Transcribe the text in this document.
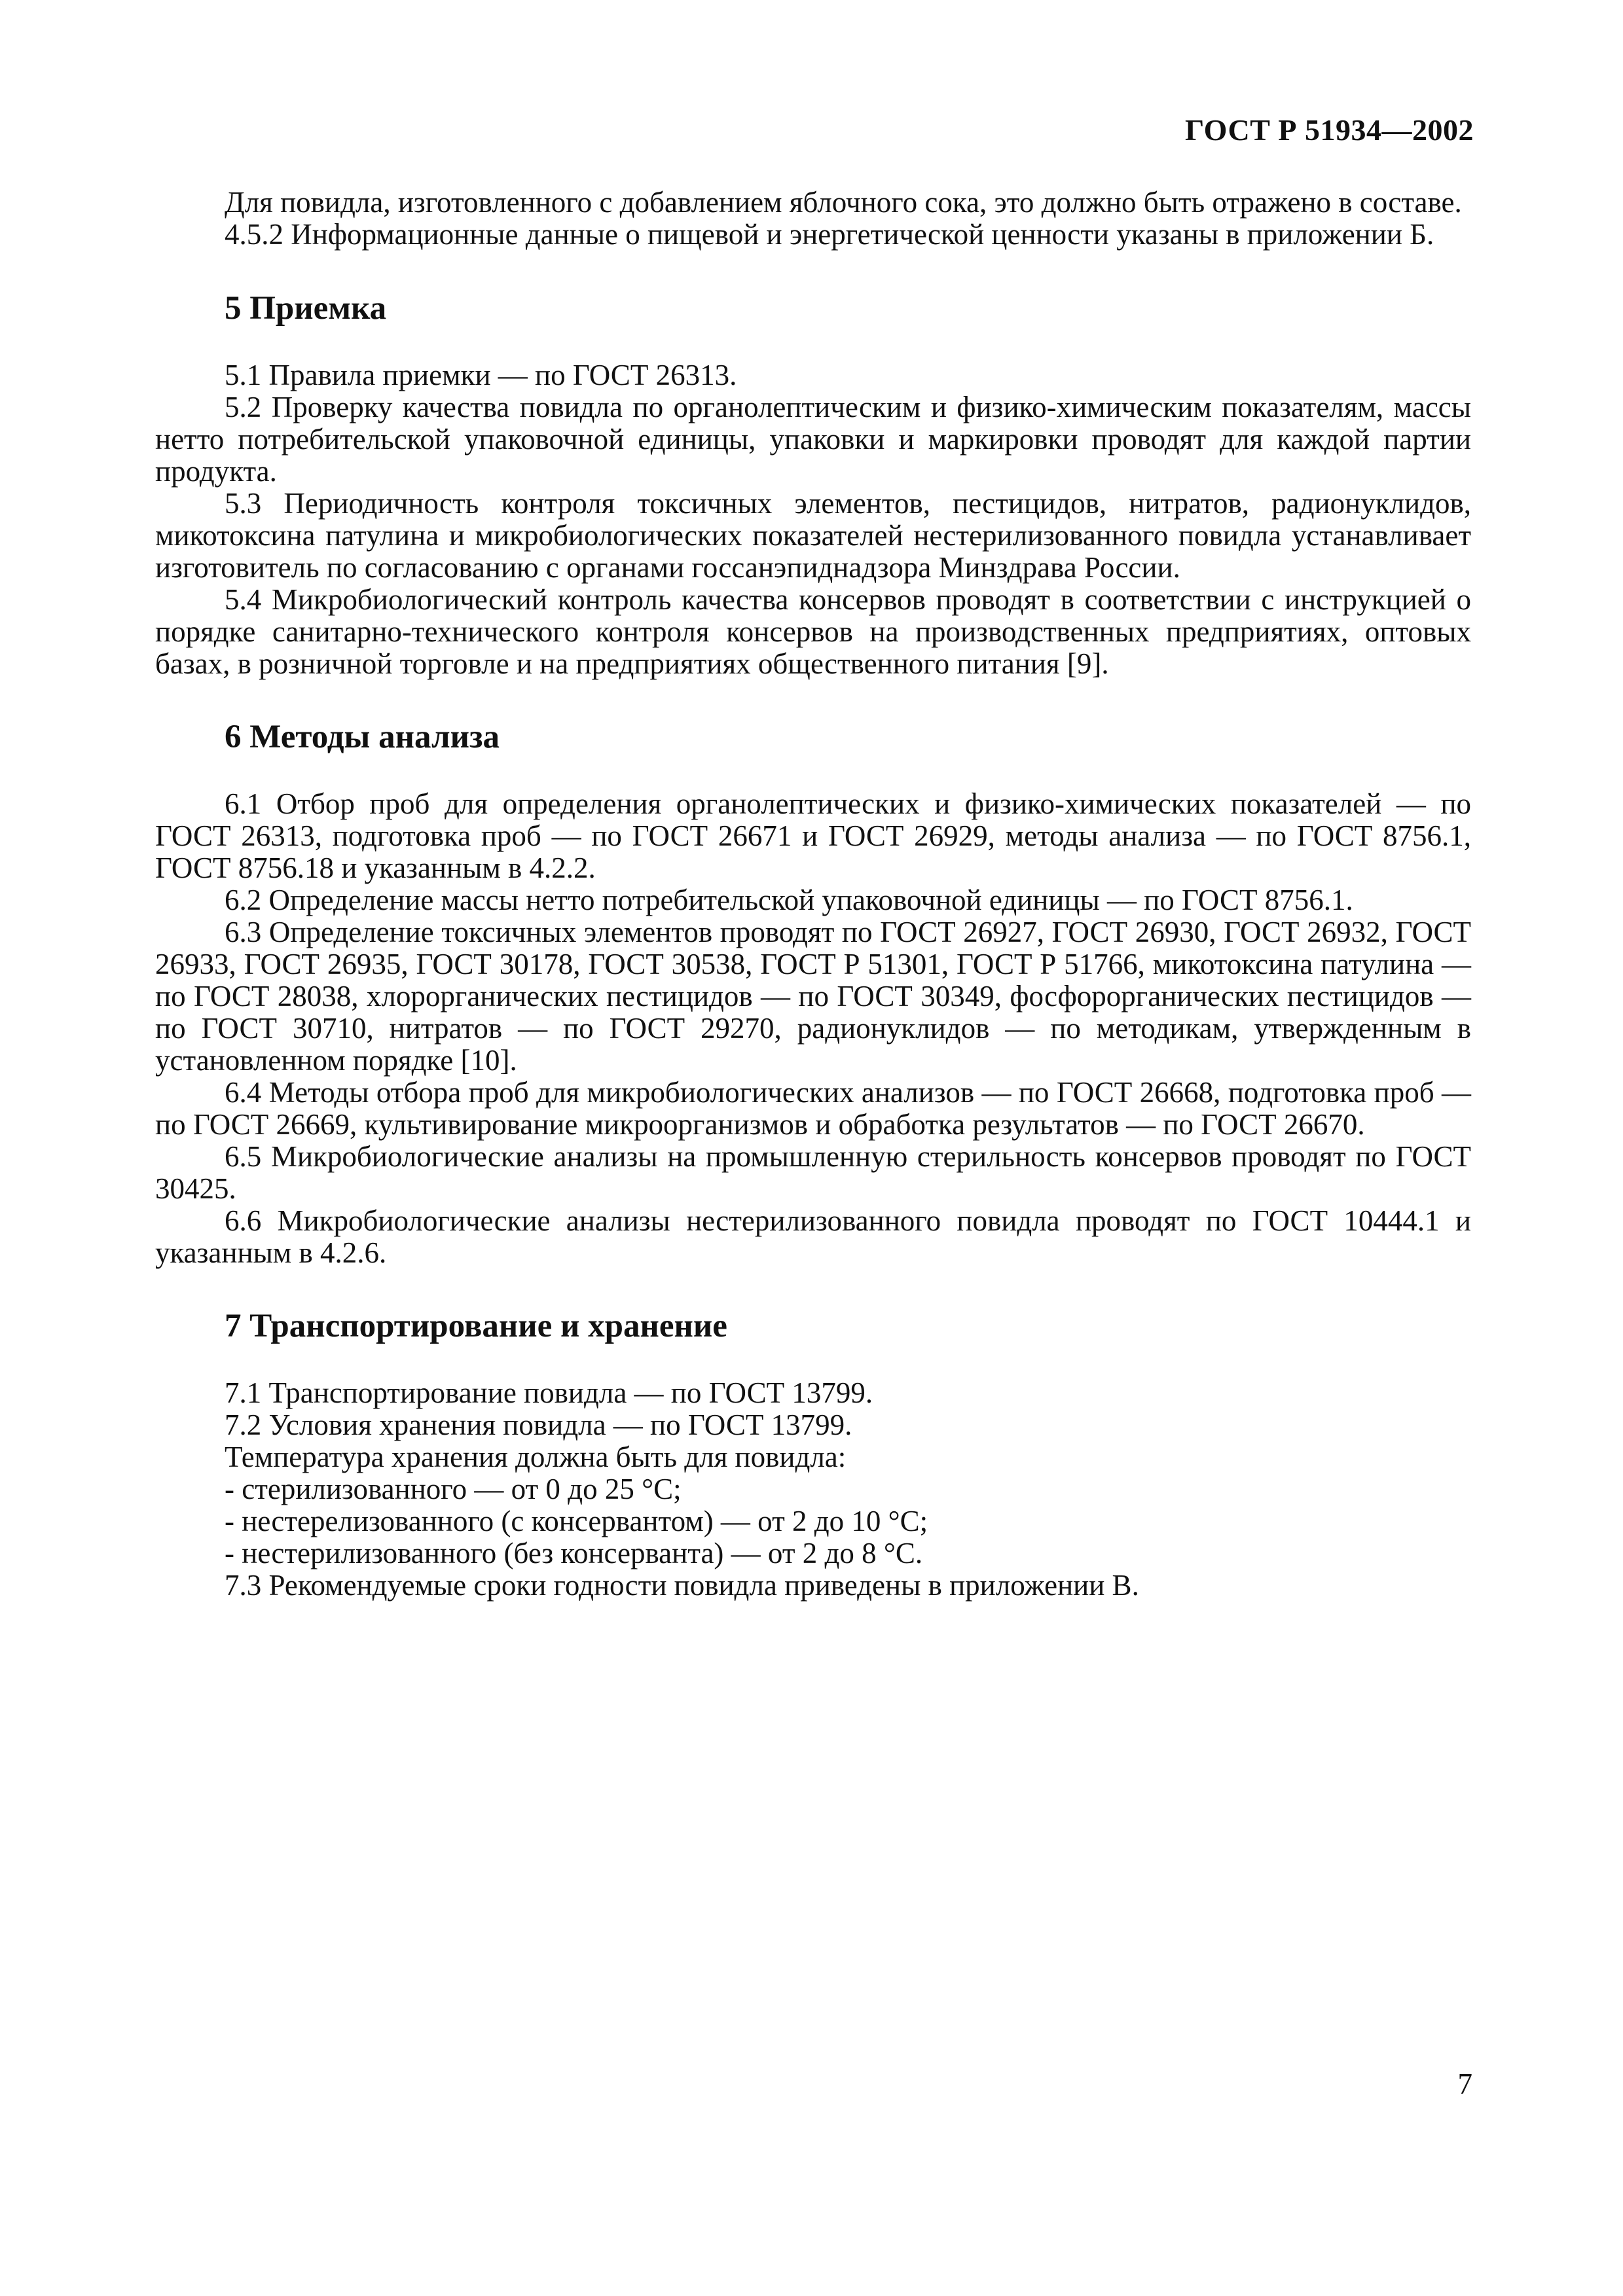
ГОСТ Р 51934—2002

Для повидла, изготовленного с добавлением яблочного сока, это должно быть отражено в составе.

4.5.2 Информационные данные о пищевой и энергетической ценности указаны в приложении Б.

5 Приемка

5.1 Правила приемки — по ГОСТ 26313.

5.2 Проверку качества повидла по органолептическим и физико-химическим показателям, массы нетто потребительской упаковочной единицы, упаковки и маркировки проводят для каждой партии продукта.

5.3 Периодичность контроля токсичных элементов, пестицидов, нитратов, радионуклидов, микотоксина патулина и микробиологических показателей нестерилизованного повидла устанавливает изготовитель по согласованию с органами госсанэпиднадзора Минздрава России.

5.4 Микробиологический контроль качества консервов проводят в соответствии с инструкцией о порядке санитарно-технического контроля консервов на производственных предприятиях, оптовых базах, в розничной торговле и на предприятиях общественного питания [9].

6 Методы анализа

6.1 Отбор проб для определения органолептических и физико-химических показателей — по ГОСТ 26313, подготовка проб — по ГОСТ 26671 и ГОСТ 26929, методы анализа — по ГОСТ 8756.1, ГОСТ 8756.18 и указанным в 4.2.2.

6.2 Определение массы нетто потребительской упаковочной единицы — по ГОСТ 8756.1.

6.3 Определение токсичных элементов проводят по ГОСТ 26927, ГОСТ 26930, ГОСТ 26932, ГОСТ 26933, ГОСТ 26935, ГОСТ 30178, ГОСТ 30538, ГОСТ Р 51301, ГОСТ Р 51766, микотоксина патулина — по ГОСТ 28038, хлорорганических пестицидов — по ГОСТ 30349, фосфорорганических пестицидов — по ГОСТ 30710, нитратов — по ГОСТ 29270, радионуклидов — по методикам, утвержденным в установленном порядке [10].

6.4 Методы отбора проб для микробиологических анализов — по ГОСТ 26668, подготовка проб — по ГОСТ 26669, культивирование микроорганизмов и обработка результатов — по ГОСТ 26670.

6.5 Микробиологические анализы на промышленную стерильность консервов проводят по ГОСТ 30425.

6.6 Микробиологические анализы нестерилизованного повидла проводят по ГОСТ 10444.1 и указанным в 4.2.6.

7 Транспортирование и хранение

7.1 Транспортирование повидла — по ГОСТ 13799.

7.2 Условия хранения повидла — по ГОСТ 13799.

Температура хранения должна быть для повидла:

- стерилизованного — от 0 до 25 °C;

- нестерелизованного (с консервантом) — от 2 до 10 °C;

- нестерилизованного (без консерванта) — от 2 до 8 °C.

7.3 Рекомендуемые сроки годности повидла приведены в приложении В.

7
